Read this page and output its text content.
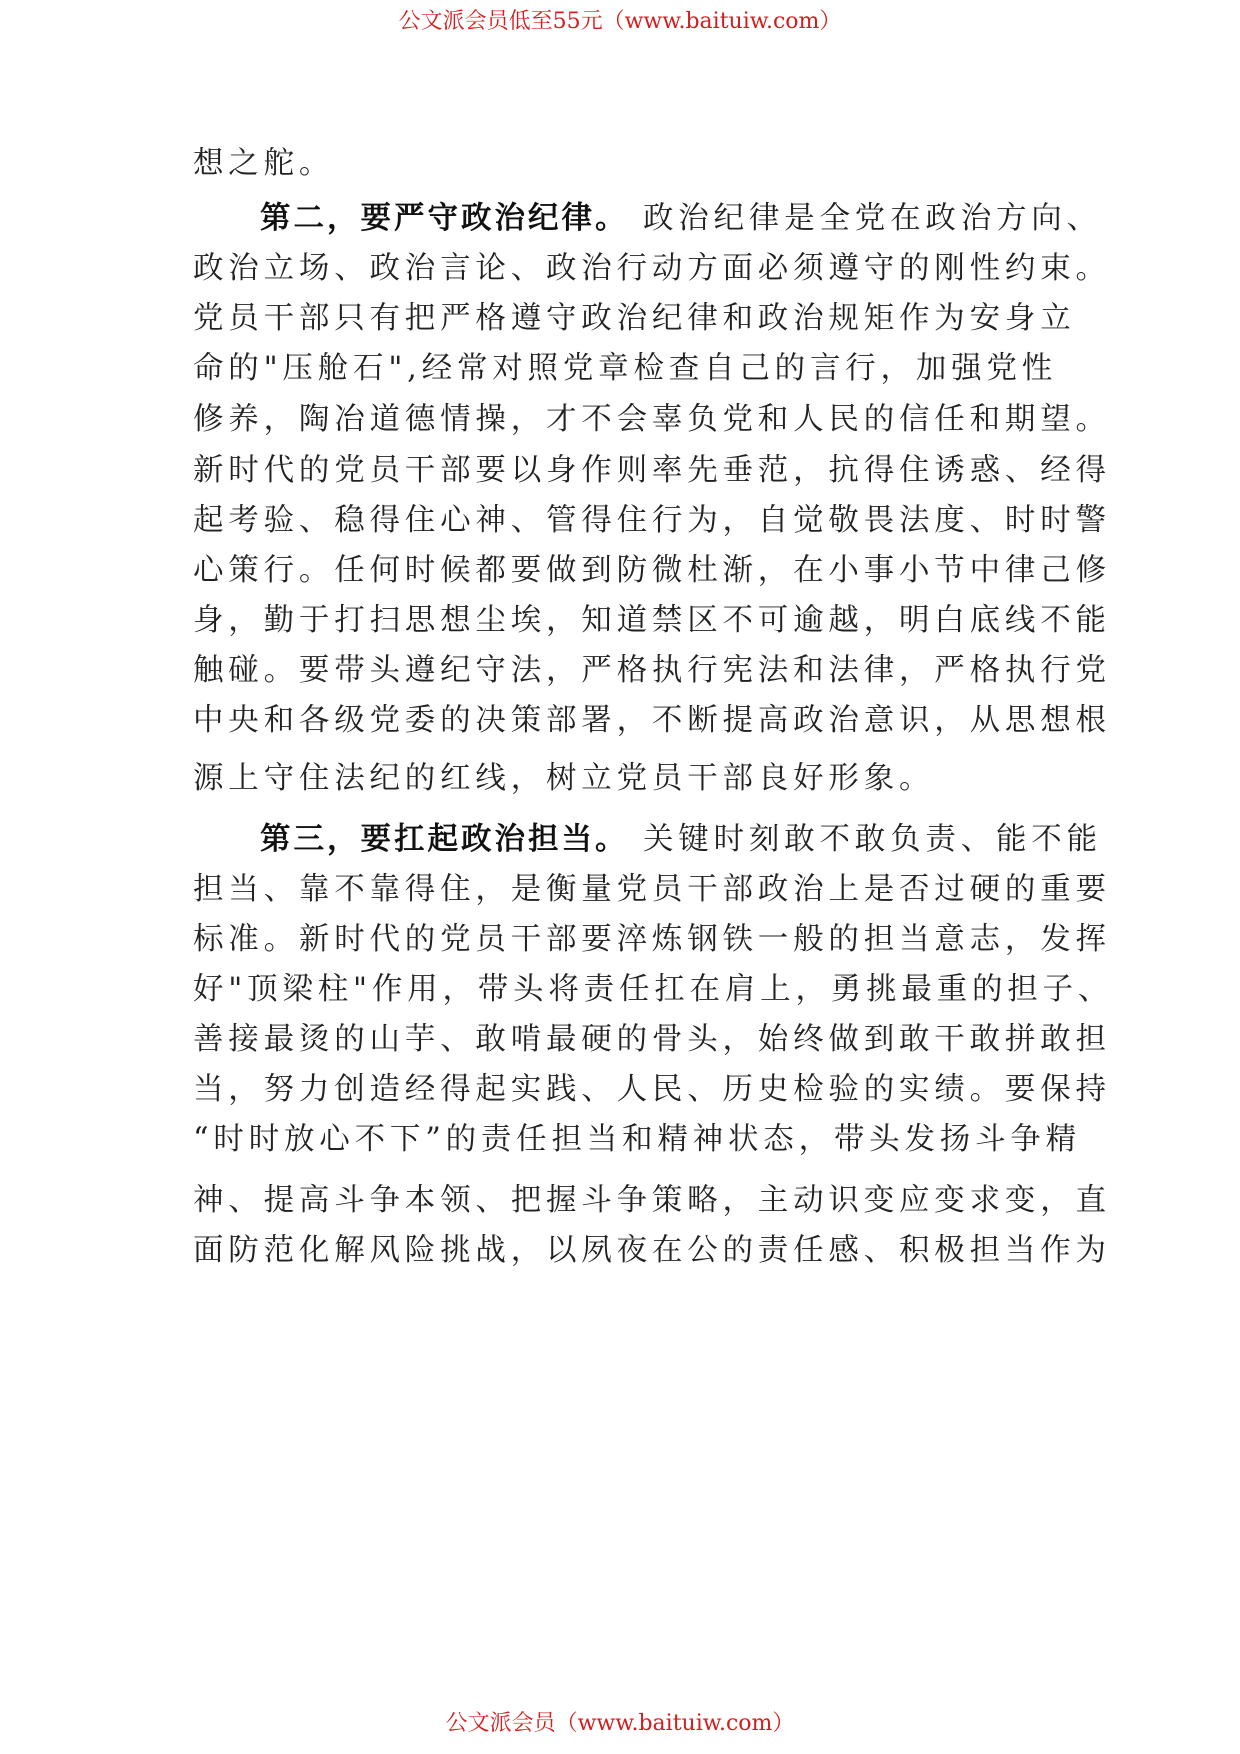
公文派会员低至55元（www.baituiw.com）
想之舵。
第二，要严守政治纪律。 政治纪律是全党在政治方向、
政治立场、政治言论、政治行动方面必须遵守的刚性约束。
党员干部只有把严格遵守政治纪律和政治规矩作为安身立
命的"压舱石",经常对照党章检查自己的言行，加强党性
修养，陶冶道德情操，才不会辜负党和人民的信任和期望。
新时代的党员干部要以身作则率先垂范，抗得住诱惑、经得
起考验、稳得住心神、管得住行为，自觉敬畏法度、时时警
心策行。任何时候都要做到防微杜渐，在小事小节中律己修
身，勤于打扫思想尘埃，知道禁区不可逾越，明白底线不能
触碰。要带头遵纪守法，严格执行宪法和法律，严格执行党
中央和各级党委的决策部署，不断提高政治意识，从思想根
源上守住法纪的红线，树立党员干部良好形象。
第三，要扛起政治担当。 关键时刻敢不敢负责、能不能
担当、靠不靠得住，是衡量党员干部政治上是否过硬的重要
标准。新时代的党员干部要淬炼钢铁一般的担当意志，发挥
好"顶梁柱"作用，带头将责任扛在肩上，勇挑最重的担子、
善接最烫的山芋、敢啃最硬的骨头，始终做到敢干敢拼敢担
当，努力创造经得起实践、人民、历史检验的实绩。要保持
“时时放心不下”的责任担当和精神状态，带头发扬斗争精
神、提高斗争本领、把握斗争策略，主动识变应变求变，直
面防范化解风险挑战，以夙夜在公的责任感、积极担当作为
公文派会员（www.baituiw.com）
